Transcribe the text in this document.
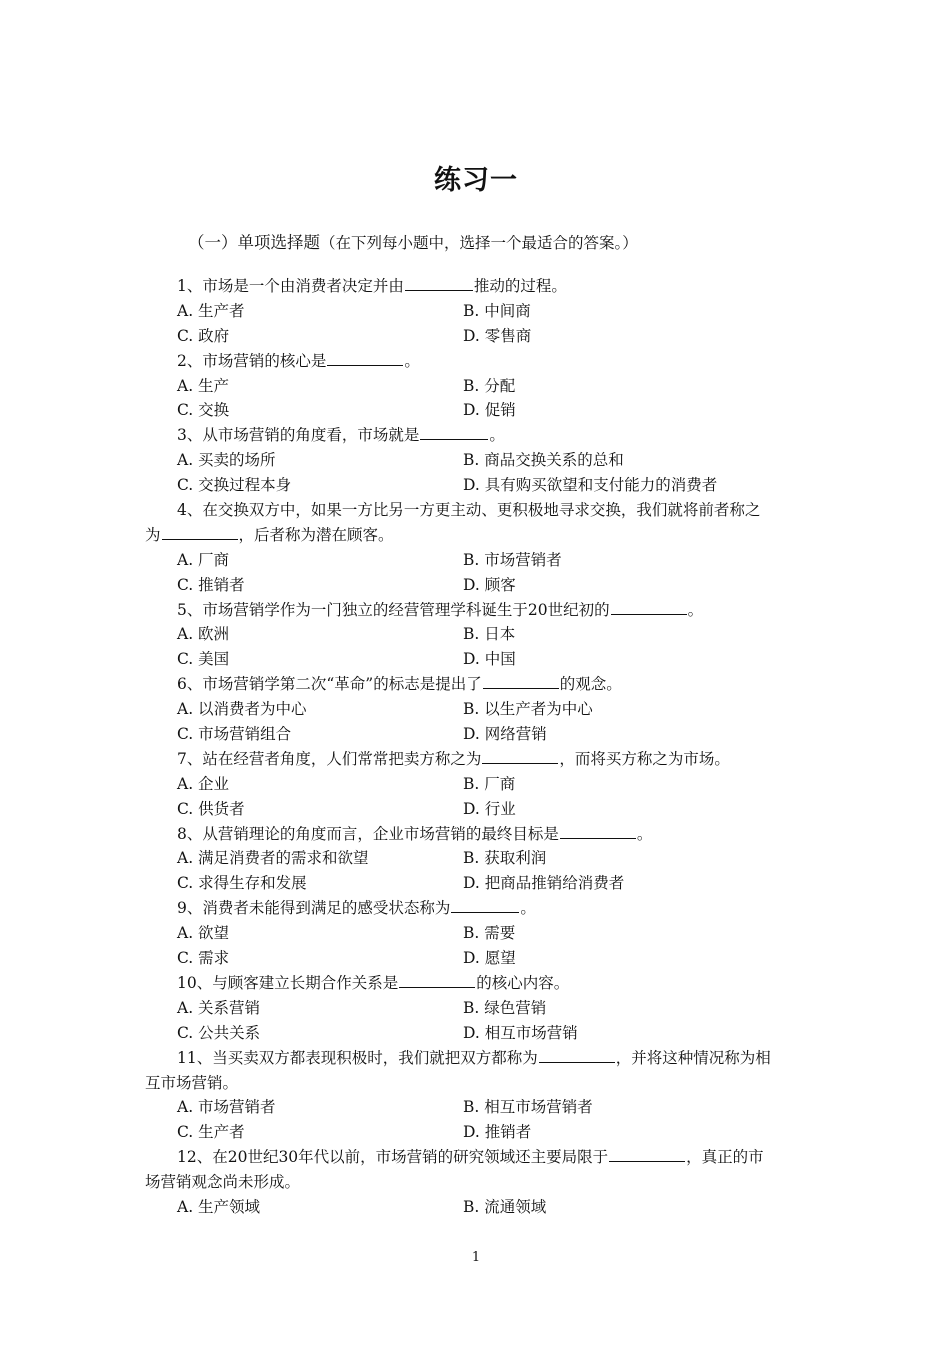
练习一
（一）单项选择题（在下列每小题中，选择一个最适合的答案。）
1、市场是一个由消费者决定并由	推动的过程。
A. 生产者	B. 中间商
C. 政府	D. 零售商
2、市场营销的核心是	。
A. 生产	B. 分配
C. 交换	D. 促销
3、从市场营销的角度看，市场就是	。
A. 买卖的场所	B. 商品交换关系的总和
C. 交换过程本身	D. 具有购买欲望和支付能力的消费者
4、在交换双方中，如果一方比另一方更主动、更积极地寻求交换，我们就将前者称之
为	，后者称为潜在顾客。
A. 厂商	B. 市场营销者
C. 推销者	D. 顾客
5、市场营销学作为一门独立的经营管理学科诞生于20世纪初的	。
A. 欧洲	B. 日本
C. 美国	D. 中国
6、市场营销学第二次“革命”的标志是提出了	的观念。
A. 以消费者为中心	B. 以生产者为中心
C. 市场营销组合	D. 网络营销
7、站在经营者角度，人们常常把卖方称之为	，而将买方称之为市场。
A. 企业	B. 厂商
C. 供货者	D. 行业
8、从营销理论的角度而言，企业市场营销的最终目标是	。
A. 满足消费者的需求和欲望	B. 获取利润
C. 求得生存和发展	D. 把商品推销给消费者
9、消费者未能得到满足的感受状态称为	。
A. 欲望	B. 需要
C. 需求	D. 愿望
10、与顾客建立长期合作关系是	的核心内容。
A. 关系营销	B. 绿色营销
C. 公共关系	D. 相互市场营销
11、当买卖双方都表现积极时，我们就把双方都称为	，并将这种情况称为相
互市场营销。
A. 市场营销者	B. 相互市场营销者
C. 生产者	D. 推销者
12、在20世纪30年代以前，市场营销的研究领域还主要局限于	，真正的市
场营销观念尚未形成。
A. 生产领域	B. 流通领域
1
